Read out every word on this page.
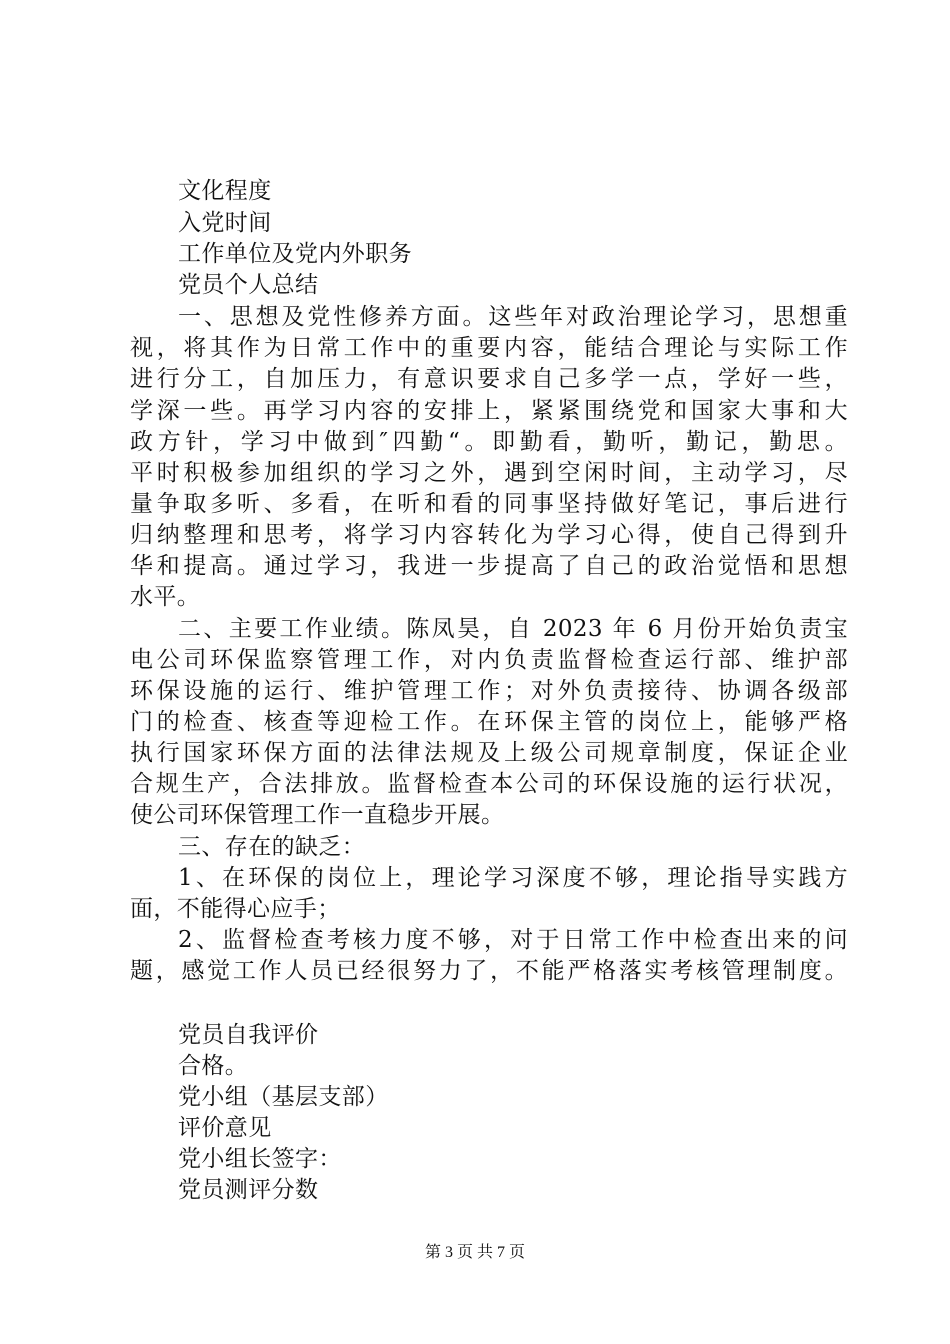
文化程度
入党时间
工作单位及党内外职务
党员个人总结
一、思想及党性修养方面。这些年对政治理论学习，思想重
视，将其作为日常工作中的重要内容，能结合理论与实际工作
进行分工，自加压力，有意识要求自己多学一点，学好一些，
学深一些。再学习内容的安排上，紧紧围绕党和国家大事和大
政方针，学习中做到″四勤“。即勤看，勤听，勤记，勤思。
平时积极参加组织的学习之外，遇到空闲时间，主动学习，尽
量争取多听、多看，在听和看的同事坚持做好笔记，事后进行
归纳整理和思考，将学习内容转化为学习心得，使自己得到升
华和提高。通过学习，我进一步提高了自己的政治觉悟和思想
水平。
二、主要工作业绩。陈凤昊，自 2023 年 6 月份开始负责宝
电公司环保监察管理工作，对内负责监督检查运行部、维护部
环保设施的运行、维护管理工作；对外负责接待、协调各级部
门的检查、核查等迎检工作。在环保主管的岗位上，能够严格
执行国家环保方面的法律法规及上级公司规章制度，保证企业
合规生产，合法排放。监督检查本公司的环保设施的运行状况，
使公司环保管理工作一直稳步开展。
三、存在的缺乏：
1、在环保的岗位上，理论学习深度不够，理论指导实践方
面，不能得心应手；
2、监督检查考核力度不够，对于日常工作中检查出来的问
题，感觉工作人员已经很努力了，不能严格落实考核管理制度。
党员自我评价
合格。
党小组（基层支部）
评价意见
党小组长签字：
党员测评分数
第 3 页 共 7 页
